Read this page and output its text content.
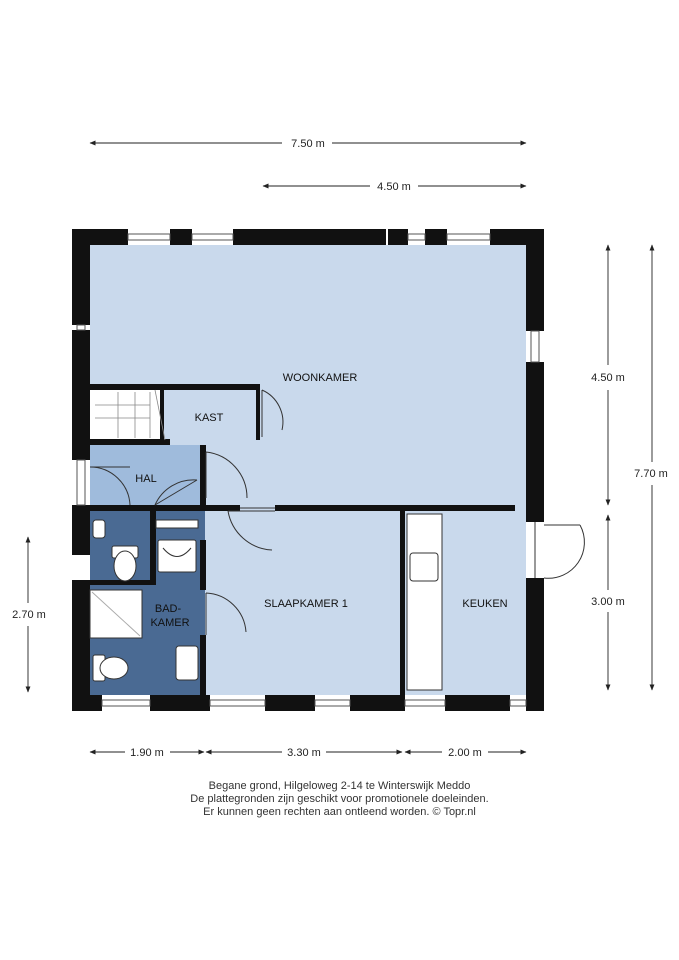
7.50 m
4.50 m
4.50 m
7.70 m
3.00 m
2.70 m
1.90 m	3.30 m	2.00 m
WOONKAMER
KAST
HAL
BAD-
KAMER
SLAAPKAMER 1	KEUKEN
Begane grond, Hilgeloweg 2-14 te Winterswijk Meddo
De plattegronden zijn geschikt voor promotionele doeleinden.
Er kunnen geen rechten aan ontleend worden. © Topr.nl
